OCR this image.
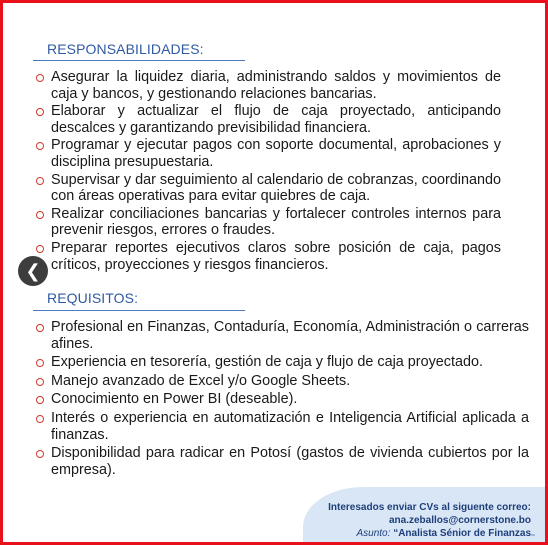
RESPONSABILIDADES:
Asegurar la liquidez diaria, administrando saldos y movimientos de caja y bancos, y gestionando relaciones bancarias.
Elaborar y actualizar el flujo de caja proyectado, anticipando descalces y garantizando previsibilidad financiera.
Programar y ejecutar pagos con soporte documental, aprobaciones y disciplina presupuestaria.
Supervisar y dar seguimiento al calendario de cobranzas, coordinando con áreas operativas para evitar quiebres de caja.
Realizar conciliaciones bancarias y fortalecer controles internos para prevenir riesgos, errores o fraudes.
Preparar reportes ejecutivos claros sobre posición de caja, pagos críticos, proyecciones y riesgos financieros.
REQUISITOS:
Profesional en Finanzas, Contaduría, Economía, Administración o carreras afines.
Experiencia en tesorería, gestión de caja y flujo de caja proyectado.
Manejo avanzado de Excel y/o Google Sheets.
Conocimiento en Power BI (deseable).
Interés o experiencia en automatización e Inteligencia Artificial aplicada a finanzas.
Disponibilidad para radicar en Potosí (gastos de vivienda cubiertos por la empresa).
Interesados enviar CVs al siguente correo:
ana.zeballos@cornerstone.bo
Asunto: “Analista Sénior de Finanzas
❮
